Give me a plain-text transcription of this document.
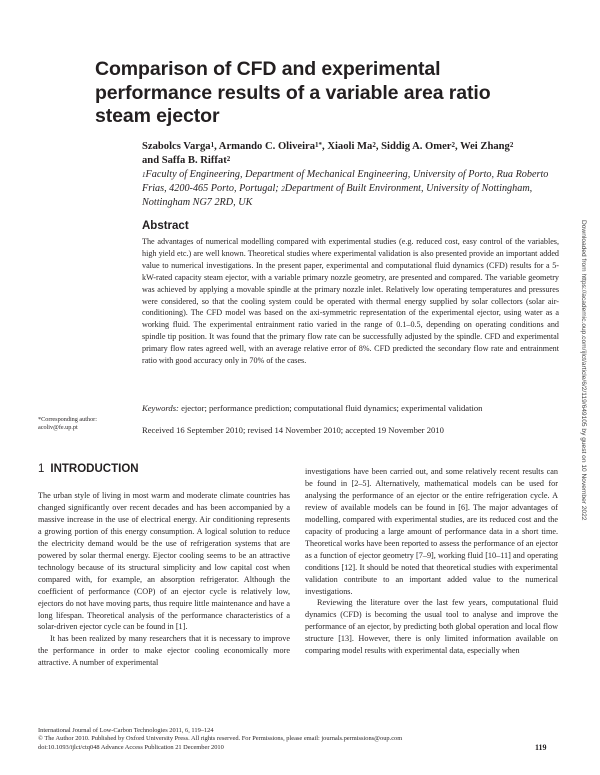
Comparison of CFD and experimental performance results of a variable area ratio steam ejector
Szabolcs Varga$^1$, Armando C. Oliveira$^{1*}$, Xiaoli Ma$^2$, Siddig A. Omer$^2$, Wei Zhang$^2$
and Saffa B. Riffat$^2$
$^1$Faculty of Engineering, Department of Mechanical Engineering, University of Porto, Rua Roberto Frias, 4200-465 Porto, Portugal; $^2$Department of Built Environment, University of Nottingham, Nottingham NG7 2RD, UK
Abstract
The advantages of numerical modelling compared with experimental studies (e.g. reduced cost, easy control of the variables, high yield etc.) are well known. Theoretical studies where experimental validation is also presented provide an important added value to numerical investigations. In the present paper, experimental and computational fluid dynamics (CFD) results for a 5-kW-rated capacity steam ejector, with a variable primary nozzle geometry, are presented and compared. The variable geometry was achieved by applying a movable spindle at the primary nozzle inlet. Relatively low operating temperatures and pressures were considered, so that the cooling system could be operated with thermal energy supplied by solar collectors (solar air-conditioning). The CFD model was based on the axi-symmetric representation of the experimental ejector, using water as a working fluid. The experimental entrainment ratio varied in the range of 0.1–0.5, depending on operating conditions and spindle tip position. It was found that the primary flow rate can be successfully adjusted by the spindle. CFD and experimental primary flow rates agreed well, with an average relative error of 8%. CFD predicted the secondary flow rate and entrainment ratio with good accuracy only in 70% of the cases.
Keywords: ejector; performance prediction; computational fluid dynamics; experimental validation
*Corresponding author:
acoliv@fe.up.pt	Received 16 September 2010; revised 14 November 2010; accepted 19 November 2010
1 INTRODUCTION

The urban style of living in most warm and moderate climate countries has changed significantly over recent decades and has been accompanied by a massive increase in the use of electrical energy. Air conditioning represents a growing portion of this energy consumption. A logical solution to reduce the electricity demand would be the use of refrigeration systems that are powered by solar thermal energy. Ejector cooling seems to be an attractive technology because of its structural simplicity and low capital cost when compared with, for example, an absorption refrigerator. Although the coefficient of performance (COP) of an ejector cycle is relatively low, ejectors do not have moving parts, thus require little maintenance and have a long lifespan. Theoretical analysis of the performance characteristics of a solar-driven ejector cycle can be found in [1].

It has been realized by many researchers that it is necessary to improve the performance in order to make ejector cooling economically more attractive. A number of experimental

investigations have been carried out, and some relatively recent results can be found in [2–5]. Alternatively, mathematical models can be used for analysing the performance of an ejector or the entire refrigeration cycle. A review of available models can be found in [6]. The major advantages of modelling, compared with experimental studies, are its reduced cost and the capacity of producing a large amount of performance data in a short time. Theoretical works have been reported to assess the performance of an ejector as a function of ejector geometry [7–9], working fluid [10–11] and operating conditions [12]. It should be noted that theoretical studies with experimental validation contribute to an important added value to the numerical investigations.

Reviewing the literature over the last few years, computational fluid dynamics (CFD) is becoming the usual tool to analyse and improve the performance of an ejector, by predicting both global operation and local flow structure [13]. However, there is only limited information available on comparing model results with experimental data, especially when

International Journal of Low-Carbon Technologies 2011, 6, 119–124
© The Author 2010. Published by Oxford University Press. All rights reserved. For Permissions, please email: journals.permissions@oup.com
doi:10.1093/ijlct/ctq048 Advance Access Publication 21 December 2010	119
Downloaded from https://academic.oup.com/ijlct/article/6/2/119/649105 by guest on 10 November 2022
